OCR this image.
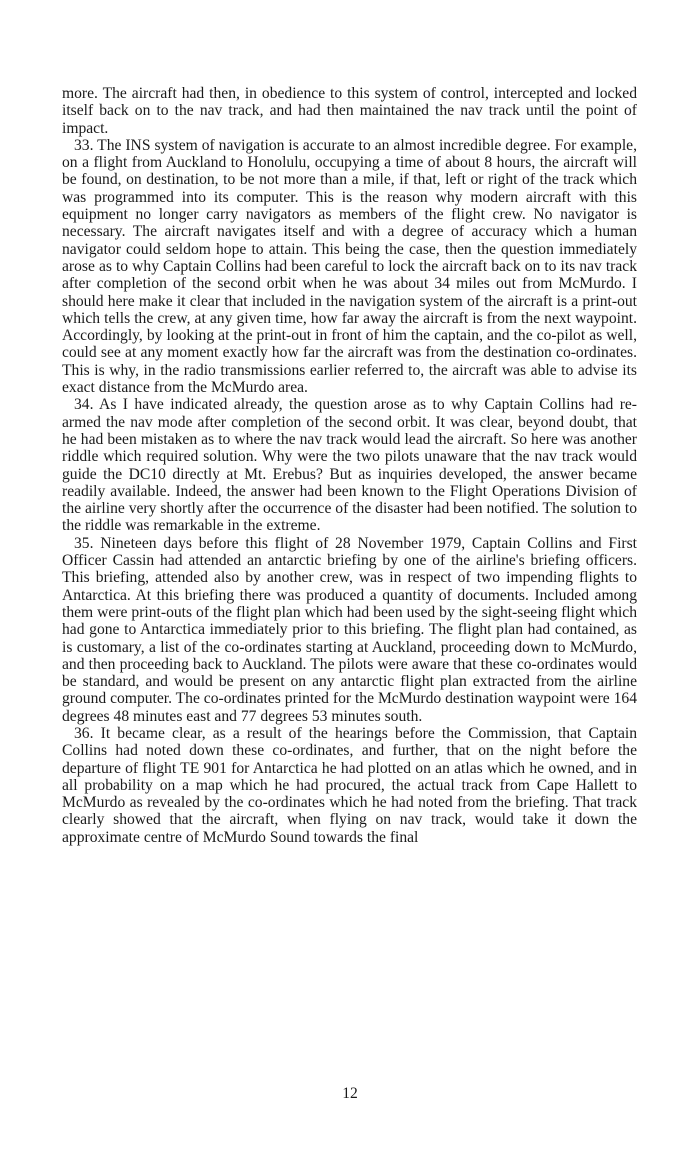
more. The aircraft had then, in obedience to this system of control, intercepted and locked itself back on to the nav track, and had then maintained the nav track until the point of impact.

33. The INS system of navigation is accurate to an almost incredible degree. For example, on a flight from Auckland to Honolulu, occupying a time of about 8 hours, the aircraft will be found, on destination, to be not more than a mile, if that, left or right of the track which was programmed into its computer. This is the reason why modern aircraft with this equipment no longer carry navigators as members of the flight crew. No navigator is necessary. The aircraft navigates itself and with a degree of accuracy which a human navigator could seldom hope to attain. This being the case, then the question immediately arose as to why Captain Collins had been careful to lock the aircraft back on to its nav track after completion of the second orbit when he was about 34 miles out from McMurdo. I should here make it clear that included in the navigation system of the aircraft is a print-out which tells the crew, at any given time, how far away the aircraft is from the next waypoint. Accordingly, by looking at the print-out in front of him the captain, and the co-pilot as well, could see at any moment exactly how far the aircraft was from the destination co-ordinates. This is why, in the radio transmissions earlier referred to, the aircraft was able to advise its exact distance from the McMurdo area.

34. As I have indicated already, the question arose as to why Captain Collins had re-armed the nav mode after completion of the second orbit. It was clear, beyond doubt, that he had been mistaken as to where the nav track would lead the aircraft. So here was another riddle which required solution. Why were the two pilots unaware that the nav track would guide the DC10 directly at Mt. Erebus? But as inquiries developed, the answer became readily available. Indeed, the answer had been known to the Flight Operations Division of the airline very shortly after the occurrence of the disaster had been notified. The solution to the riddle was remarkable in the extreme.

35. Nineteen days before this flight of 28 November 1979, Captain Collins and First Officer Cassin had attended an antarctic briefing by one of the airline's briefing officers. This briefing, attended also by another crew, was in respect of two impending flights to Antarctica. At this briefing there was produced a quantity of documents. Included among them were print-outs of the flight plan which had been used by the sight-seeing flight which had gone to Antarctica immediately prior to this briefing. The flight plan had contained, as is customary, a list of the co-ordinates starting at Auckland, proceeding down to McMurdo, and then proceeding back to Auckland. The pilots were aware that these co-ordinates would be standard, and would be present on any antarctic flight plan extracted from the airline ground computer. The co-ordinates printed for the McMurdo destination waypoint were 164 degrees 48 minutes east and 77 degrees 53 minutes south.

36. It became clear, as a result of the hearings before the Commission, that Captain Collins had noted down these co-ordinates, and further, that on the night before the departure of flight TE 901 for Antarctica he had plotted on an atlas which he owned, and in all probability on a map which he had procured, the actual track from Cape Hallett to McMurdo as revealed by the co-ordinates which he had noted from the briefing. That track clearly showed that the aircraft, when flying on nav track, would take it down the approximate centre of McMurdo Sound towards the final

12
